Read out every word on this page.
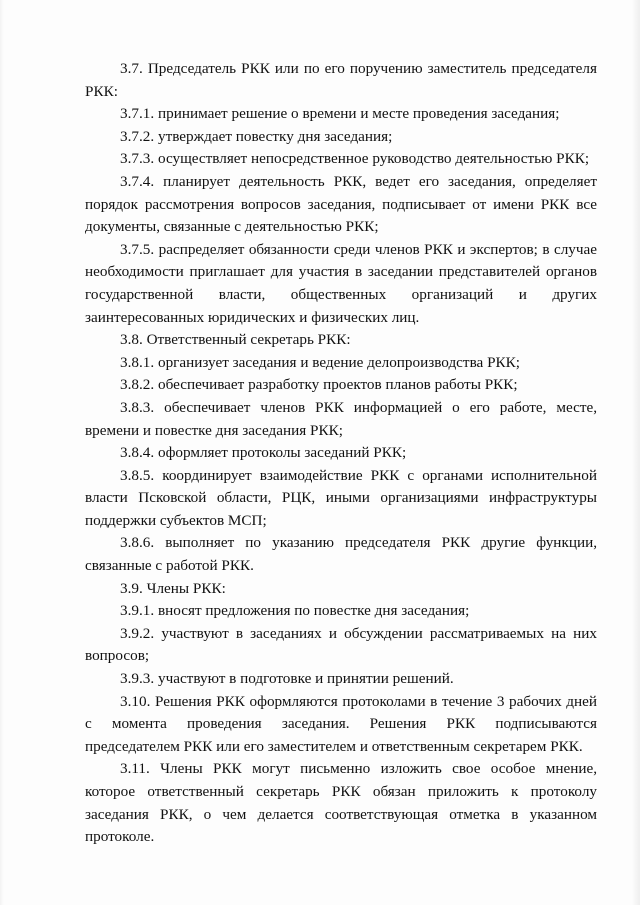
3.7. Председатель РКК или по его поручению заместитель председателя РКК:

3.7.1. принимает решение о времени и месте проведения заседания;

3.7.2. утверждает повестку дня заседания;

3.7.3. осуществляет непосредственное руководство деятельностью РКК;

3.7.4. планирует деятельность РКК, ведет его заседания, определяет порядок рассмотрения вопросов заседания, подписывает от имени РКК все документы, связанные с деятельностью РКК;

3.7.5. распределяет обязанности среди членов РКК и экспертов; в случае необходимости приглашает для участия в заседании представителей органов государственной власти, общественных организаций и других заинтересованных юридических и физических лиц.

3.8. Ответственный секретарь РКК:

3.8.1. организует заседания и ведение делопроизводства РКК;

3.8.2. обеспечивает разработку проектов планов работы РКК;

3.8.3. обеспечивает членов РКК информацией о его работе, месте, времени и повестке дня заседания РКК;

3.8.4. оформляет протоколы заседаний РКК;

3.8.5. координирует взаимодействие РКК с органами исполнительной власти Псковской области, РЦК, иными организациями инфраструктуры поддержки субъектов МСП;

3.8.6. выполняет по указанию председателя РКК другие функции, связанные с работой РКК.

3.9. Члены РКК:

3.9.1. вносят предложения по повестке дня заседания;

3.9.2. участвуют в заседаниях и обсуждении рассматриваемых на них вопросов;

3.9.3. участвуют в подготовке и принятии решений.

3.10. Решения РКК оформляются протоколами в течение 3 рабочих дней с момента проведения заседания. Решения РКК подписываются председателем РКК или его заместителем и ответственным секретарем РКК.

3.11. Члены РКК могут письменно изложить свое особое мнение, которое ответственный секретарь РКК обязан приложить к протоколу заседания РКК, о чем делается соответствующая отметка в указанном протоколе.
